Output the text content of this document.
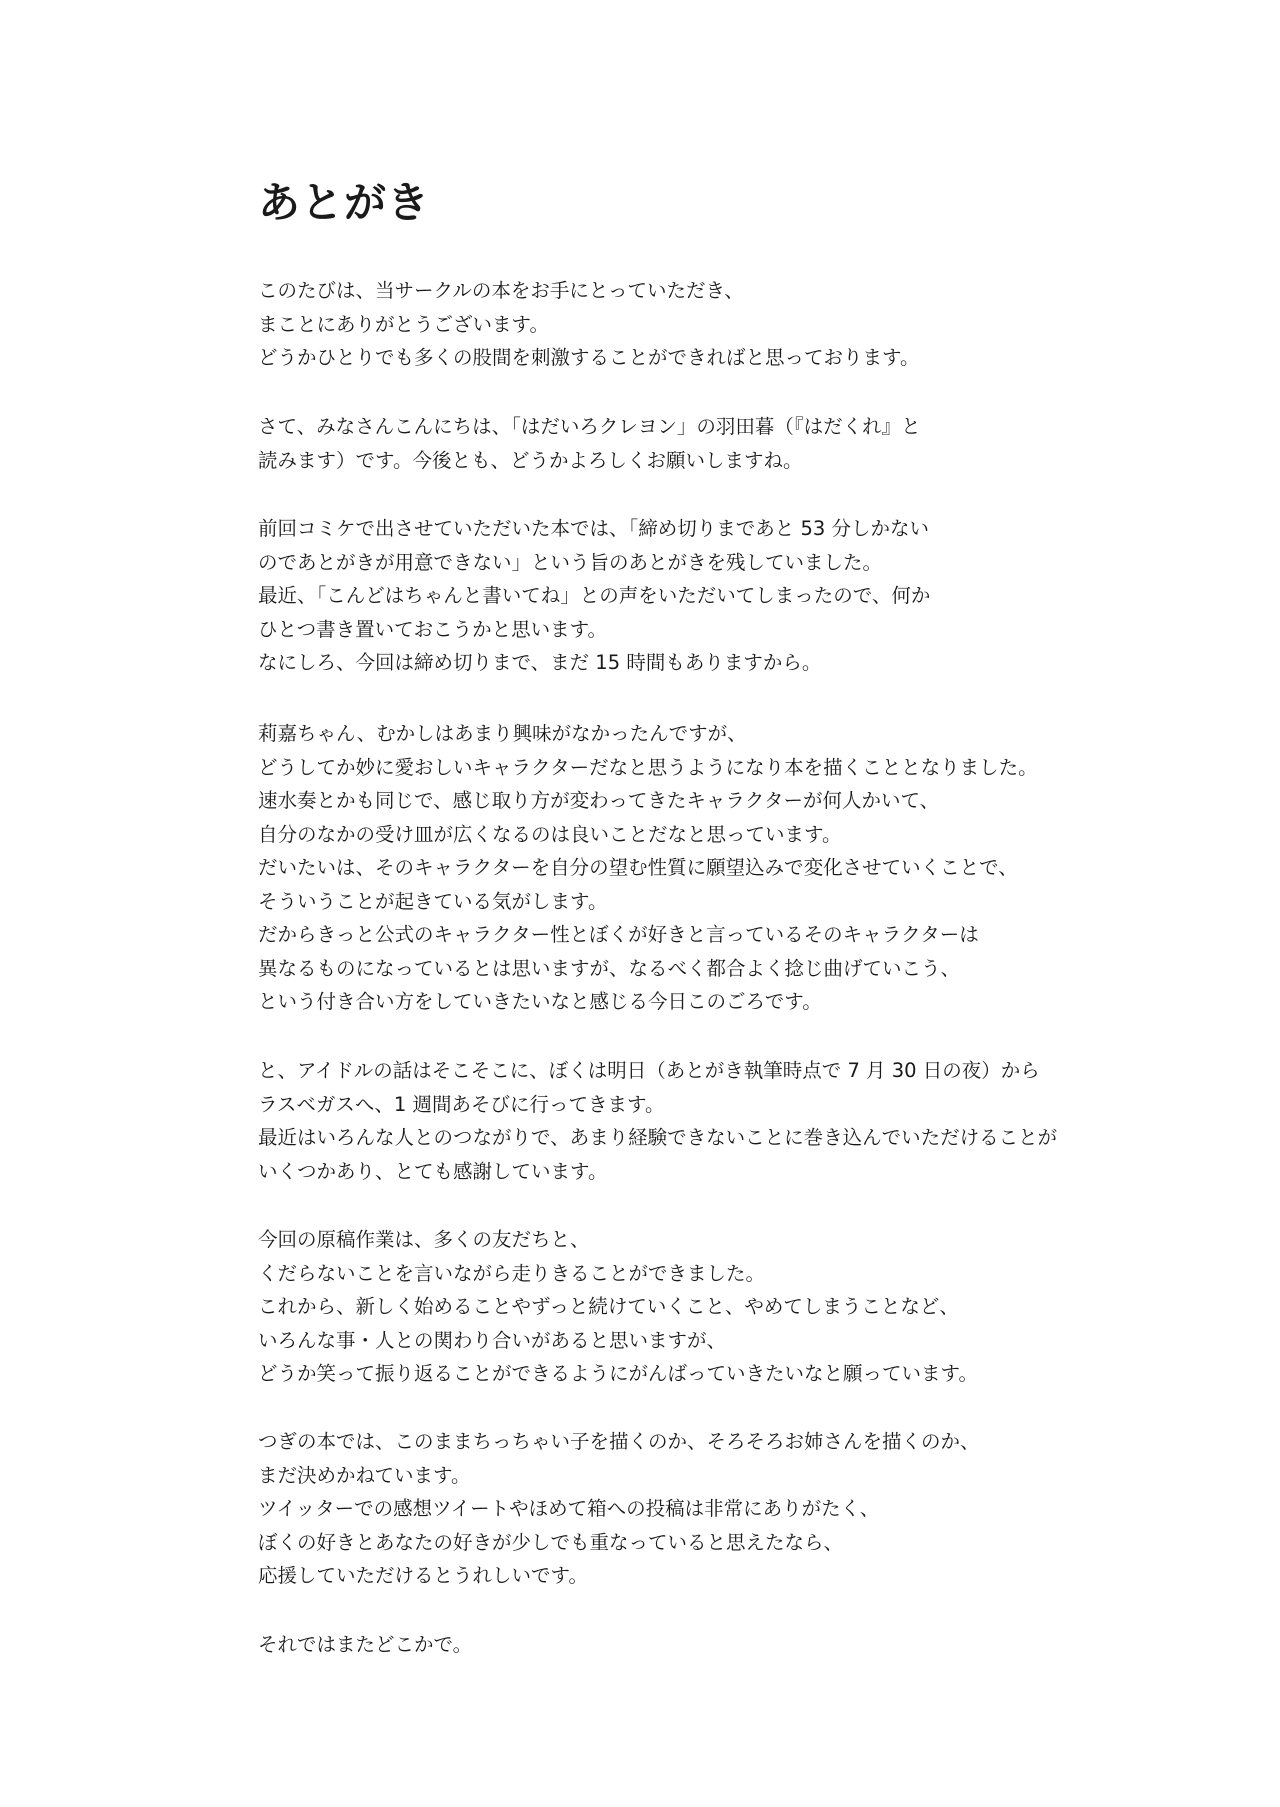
あとがき
このたびは、当サークルの本をお手にとっていただき、
まことにありがとうございます。
どうかひとりでも多くの股間を刺激することができればと思っております。
さて、みなさんこんにちは、「はだいろクレヨン」の羽田暮（『はだくれ』と
読みます）です。今後とも、どうかよろしくお願いしますね。
前回コミケで出させていただいた本では、「締め切りまであと 53 分しかない
のであとがきが用意できない」という旨のあとがきを残していました。
最近、「こんどはちゃんと書いてね」との声をいただいてしまったので、何か
ひとつ書き置いておこうかと思います。
なにしろ、今回は締め切りまで、まだ 15 時間もありますから。
莉嘉ちゃん、むかしはあまり興味がなかったんですが、
どうしてか妙に愛おしいキャラクターだなと思うようになり本を描くこととなりました。
速水奏とかも同じで、感じ取り方が変わってきたキャラクターが何人かいて、
自分のなかの受け皿が広くなるのは良いことだなと思っています。
だいたいは、そのキャラクターを自分の望む性質に願望込みで変化させていくことで、
そういうことが起きている気がします。
だからきっと公式のキャラクター性とぼくが好きと言っているそのキャラクターは
異なるものになっているとは思いますが、なるべく都合よく捻じ曲げていこう、
という付き合い方をしていきたいなと感じる今日このごろです。
と、アイドルの話はそこそこに、ぼくは明日（あとがき執筆時点で 7 月 30 日の夜）から
ラスベガスへ、1 週間あそびに行ってきます。
最近はいろんな人とのつながりで、あまり経験できないことに巻き込んでいただけることが
いくつかあり、とても感謝しています。
今回の原稿作業は、多くの友だちと、
くだらないことを言いながら走りきることができました。
これから、新しく始めることやずっと続けていくこと、やめてしまうことなど、
いろんな事・人との関わり合いがあると思いますが、
どうか笑って振り返ることができるようにがんばっていきたいなと願っています。
つぎの本では、このままちっちゃい子を描くのか、そろそろお姉さんを描くのか、
まだ決めかねています。
ツイッターでの感想ツイートやほめて箱への投稿は非常にありがたく、
ぼくの好きとあなたの好きが少しでも重なっていると思えたなら、
応援していただけるとうれしいです。
それではまたどこかで。
